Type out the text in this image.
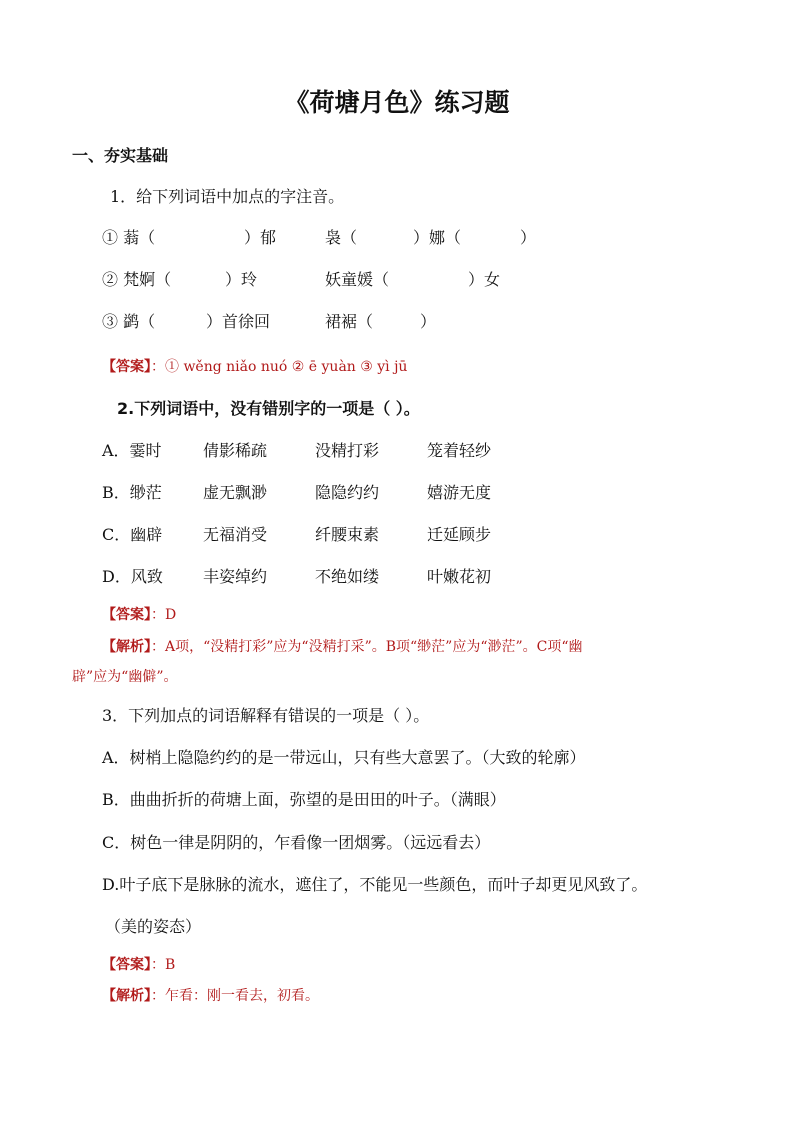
《荷塘月色》练习题
一、夯实基础
1．给下列词语中加点的字注音。
① 蓊（	）郁	袅（	）娜（	）
② 梵婀（	）玲	妖童媛（	）女
③ 鹢（	）首徐回	裙裾（	）
【答案】：① wěng niǎo nuó ② ē yuàn ③ yì jū
2.下列词语中，没有错别字的一项是（ ）。
A．霎时	倩影稀疏	没精打彩	笼着轻纱
B．缈茫	虚无飘渺	隐隐约约	嬉游无度
C．幽辟	无福消受	纤腰束素	迁延顾步
D．风致	丰姿绰约	不绝如缕	叶嫩花初
【答案】：D
【解析】：A项，“没精打彩”应为“没精打采”。B项“缈茫”应为“渺茫”。C项“幽
辟”应为“幽僻”。
3．下列加点的词语解释有错误的一项是（ ）。
A．树梢上隐隐约约的是一带远山，只有些大意罢了。（大致的轮廓）
B．曲曲折折的荷塘上面，弥望的是田田的叶子。（满眼）
C．树色一律是阴阴的，乍看像一团烟雾。（远远看去）
D.叶子底下是脉脉的流水，遮住了，不能见一些颜色，而叶子却更见风致了。
（美的姿态）
【答案】：B
【解析】：乍看：刚一看去，初看。
